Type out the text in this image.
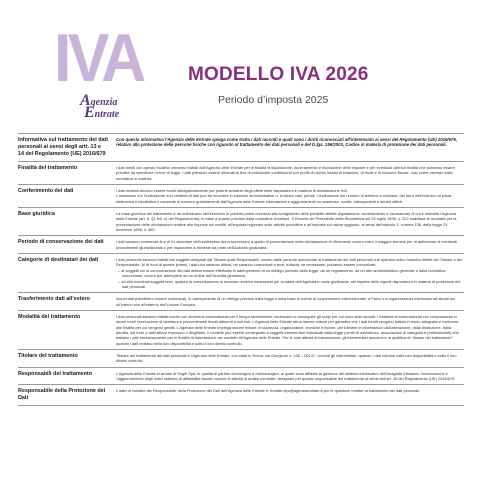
IVA
Agenzia
Entrate
MODELLO IVA 2026
Periodo d’imposta 2025
Informativa sul trattamento dei dati personali ai sensi degli artt. 13 e 14 del Regolamento (UE) 2016/679

Con questa informativa l’Agenzia delle Entrate spiega come tratta i dati raccolti e quali sono i diritti riconosciuti all’interessato ai sensi del Regolamento (UE) 2016/679, relativo alla protezione delle persone fisiche con riguardo al trattamento dei dati personali e del D.lgs. 196/2003, Codice in materia di protezione dei dati personali.

Finalità del trattamento	I dati forniti con questo modello verranno trattati dall’Agenzia delle Entrate per le finalità di liquidazione, accertamento e riscossione delle imposte e per eventuali ulteriori finalità che potranno essere previste da specifiche norme di legge. I dati potranno essere utilizzati al fine di individuare contribuenti con profili di rischio inclusi di evasione, di frode e di elusione fiscale, così come previsto dalla normativa in materia.

Conferimento dei dati	I dati richiesti devono essere forniti obbligatoriamente per potersi avvalere degli effetti delle disposizioni in materia di dichiarazione IVA.

L’omissione e/o l’indicazione non veritiera di dati può far incorrere in sanzioni amministrative o, in alcuni casi, penali. L’indicazione del numero di telefono o cellulare, del fax e dell’indirizzo di posta elettronica è facoltativa e consente di ricevere gratuitamente dall’Agenzia delle Entrate informazioni e aggiornamenti su scadenze, novità, adempimenti e servizi offerti.

Base giuridica	La base giuridica del trattamento è da individuarsi nell’esercizio di pubblici poteri connessi allo svolgimento delle predette attività (liquidazione, accertamento e riscossione) di cui è investita l’Agenzia delle Entrate (art. 6, §1 lett. e) del Regolamento), in base a quanto previsto dalla normativa di settore. Il Decreto del Presidente della Repubblica del 22 luglio 1998, n. 322 stabilisce le modalità per la presentazione delle dichiarazioni relative alle imposte sui redditi, all’imposta regionale sulle attività produttive e all’imposta sul valore aggiunto, ai sensi dell’articolo 3, comma 136, della legge 23 dicembre 1996, n. 662.

Periodo di conservazione dei dati	I dati saranno conservati fino al 31 dicembre dell’undicesimo anno successivo a quello di presentazione della dichiarazione di riferimento ovvero entro il maggior termine per la definizione di eventuali procedimenti giurisdizionali o per rispondere a richieste da parte dell’Autorità giudiziaria.

Categorie di destinatari dei dati	I dati personali saranno trattati dai soggetti designati dal Titolare quali Responsabili, ovvero dalle persone autorizzate al trattamento dei dati personali che operano sotto l’autorità diretta del Titolare o del Responsabile. Al di fuori di queste ipotesi, i dati non saranno diffusi, né saranno comunicati a terzi, tuttavia, se necessario, potranno essere comunicati:

– ai soggetti cui la comunicazione dei dati debba essere effettuata in adempimento di un obbligo previsto dalla legge, da un regolamento, da un atto amministrativo generale o dalla normativa comunitaria, ovvero per adempiere ad un ordine dell’Autorità giudiziaria;

– ad altri eventuali soggetti terzi, qualora la comunicazione si dovesse rendere necessaria per la tutela dell’Agenzia in sede giudiziaria, nel rispetto delle vigenti disposizioni in materia di protezione dei dati personali.

Trasferimento dati all’estero	Alcuni dati potrebbero essere comunicati, in adempimento di un obbligo previsto dalla legge o sulla base di norme di cooperazione internazionale, a Paesi o a organizzazioni internazionali situati sia all’interno che all’esterno dell’Unione Europea.

Modalità del trattamento	I dati personali saranno trattati anche con strumenti automatizzati per il tempo strettamente necessario a conseguire gli scopi per cui sono stati raccolti. I trattamenti automatizzati con comparazioni in alcuni modi l’esecuzione di decisioni e provvedimenti fiscali attinenti a soli enti. L’Agenzia delle Entrate attua idonee misure per garantire che i dati forniti vengano trattati in modo adeguato e conforme alle finalità per cui vengono gestiti. L’Agenzia delle Entrate impiega idonee misure di sicurezza, organizzative, tecniche e fisiche, per tutelare le informazioni dall’alterazione, dalla distruzione, dalla perdita, dal furto o dall’utilizzo improprio o illegittimo. Il modello può essere consegnato a soggetti intermediari individuati dalla legge (centri di assistenza, associazioni di categoria e professionisti) che trattano i dati esclusivamente per le finalità di trasmissione del modello all’Agenzia delle Entrate. Per le sole attività di trasmissione, gli intermediari assumono la qualifica di “titolare del trattamento” quando i dati entrano nella loro disponibilità e sotto il loro diretto controllo.

Titolare del trattamento	Titolare del trattamento dei dati personali è l’Agenzia delle Entrate, con sede in Roma, via Giorgione n. 106 – 00147, nonché gli intermediari, quando i dati entrano nella loro disponibilità e sotto il loro diretto controllo.

Responsabili del trattamento	L’Agenzia delle Entrate si avvale di Sogei Spa, in qualità di partner tecnologico e metodologico, al quale sono affidate la gestione del sistema informativo dell’Anagrafe tributaria, l’elaborazione e l’aggiornamento degli indici statistici di affidabilità fiscale nonché le attività di analisi correlate, designato per questo responsabile del trattamento ai sensi dell’art. 28 del Regolamento (UE) 2016/679.

Responsabile della Protezione dei Dati

Il dato di contatto del Responsabile della Protezione dei Dati dell’Agenzia delle Entrate è: entrate.dpo@agenziaentrate.it per le questioni relative al trattamento dei dati personali.
